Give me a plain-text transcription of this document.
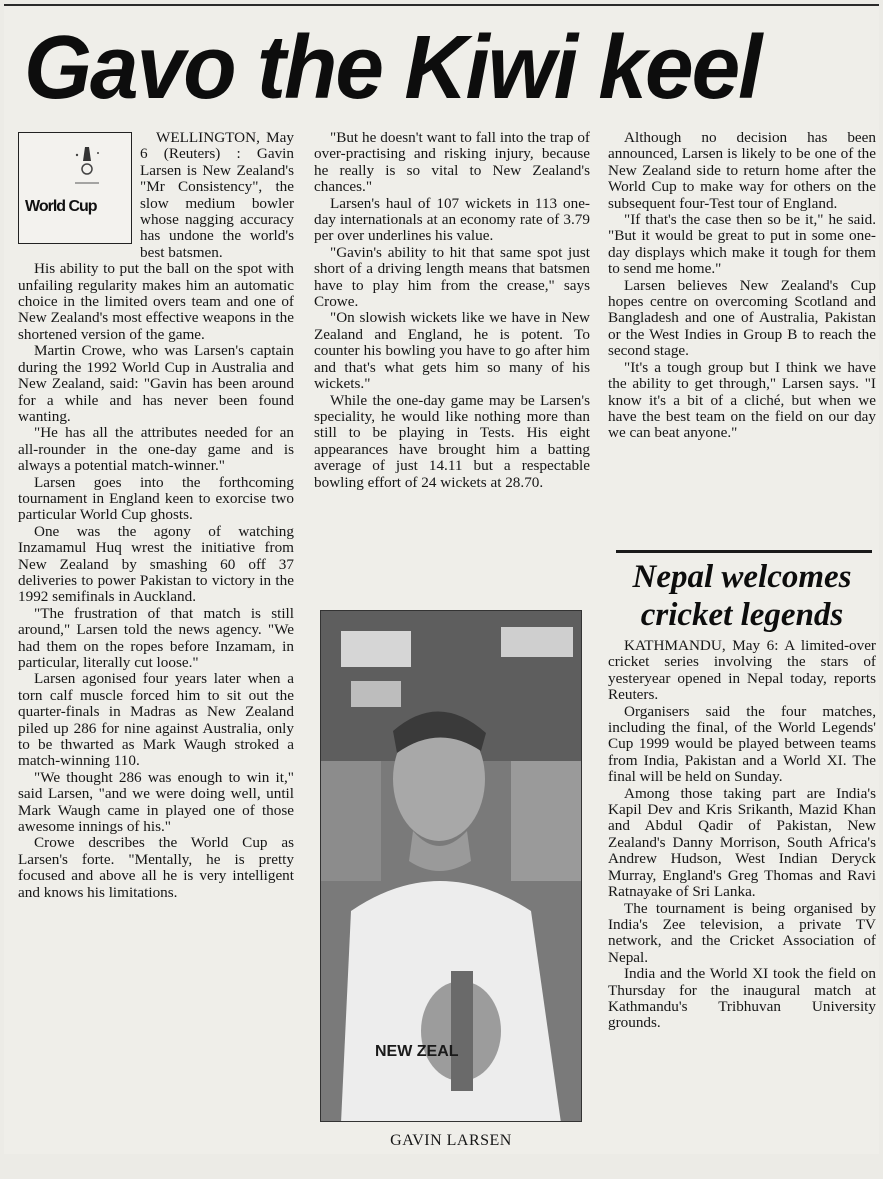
Gavo the Kiwi keel
World Cup

WELLINGTON, May 6 (Reuters) : Gavin Larsen is New Zealand's "Mr Consistency", the slow medium bowler whose nagging accuracy has undone the world's best batsmen.

His ability to put the ball on the spot with unfailing regularity makes him an automatic choice in the limited overs team and one of New Zealand's most effective weapons in the shortened version of the game.

Martin Crowe, who was Larsen's captain during the 1992 World Cup in Australia and New Zealand, said: "Gavin has been around for a while and has never been found wanting.

"He has all the attributes needed for an all-rounder in the one-day game and is always a potential match-winner."

Larsen goes into the forthcoming tournament in England keen to exorcise two particular World Cup ghosts.

One was the agony of watching Inzamamul Huq wrest the initiative from New Zealand by smashing 60 off 37 deliveries to power Pakistan to victory in the 1992 semifinals in Auckland.

"The frustration of that match is still around," Larsen told the news agency. "We had them on the ropes before Inzamam, in particular, literally cut loose."

Larsen agonised four years later when a torn calf muscle forced him to sit out the quarter-finals in Madras as New Zealand piled up 286 for nine against Australia, only to be thwarted as Mark Waugh stroked a match-winning 110.

"We thought 286 was enough to win it," said Larsen, "and we were doing well, until Mark Waugh came in played one of those awesome innings of his."

Crowe describes the World Cup as Larsen's forte. "Mentally, he is pretty focused and above all he is very intelligent and knows his limitations.

"But he doesn't want to fall into the trap of over-practising and risking injury, because he really is so vital to New Zealand's chances."

Larsen's haul of 107 wickets in 113 one-day internationals at an economy rate of 3.79 per over underlines his value.

"Gavin's ability to hit that same spot just short of a driving length means that batsmen have to play him from the crease," says Crowe.

"On slowish wickets like we have in New Zealand and England, he is potent. To counter his bowling you have to go after him and that's what gets him so many of his wickets."

While the one-day game may be Larsen's speciality, he would like nothing more than still to be playing in Tests. His eight appearances have brought him a batting average of just 14.11 but a respectable bowling effort of 24 wickets at 28.70.

NEW ZEAL
GAVIN LARSEN

Although no decision has been announced, Larsen is likely to be one of the New Zealand side to return home after the World Cup to make way for others on the subsequent four-Test tour of England.

"If that's the case then so be it," he said. "But it would be great to put in some one-day displays which make it tough for them to send me home."

Larsen believes New Zealand's Cup hopes centre on overcoming Scotland and Bangladesh and one of Australia, Pakistan or the West Indies in Group B to reach the second stage.

"It's a tough group but I think we have the ability to get through," Larsen says. "I know it's a bit of a cliché, but when we have the best team on the field on our day we can beat anyone."

Nepal welcomes cricket legends

KATHMANDU, May 6: A limited-over cricket series involving the stars of yesteryear opened in Nepal today, reports Reuters.

Organisers said the four matches, including the final, of the World Legends' Cup 1999 would be played between teams from India, Pakistan and a World XI. The final will be held on Sunday.

Among those taking part are India's Kapil Dev and Kris Srikanth, Mazid Khan and Abdul Qadir of Pakistan, New Zealand's Danny Morrison, South Africa's Andrew Hudson, West Indian Deryck Murray, England's Greg Thomas and Ravi Ratnayake of Sri Lanka.

The tournament is being organised by India's Zee television, a private TV network, and the Cricket Association of Nepal.

India and the World XI took the field on Thursday for the inaugural match at Kathmandu's Tribhuvan University grounds.
